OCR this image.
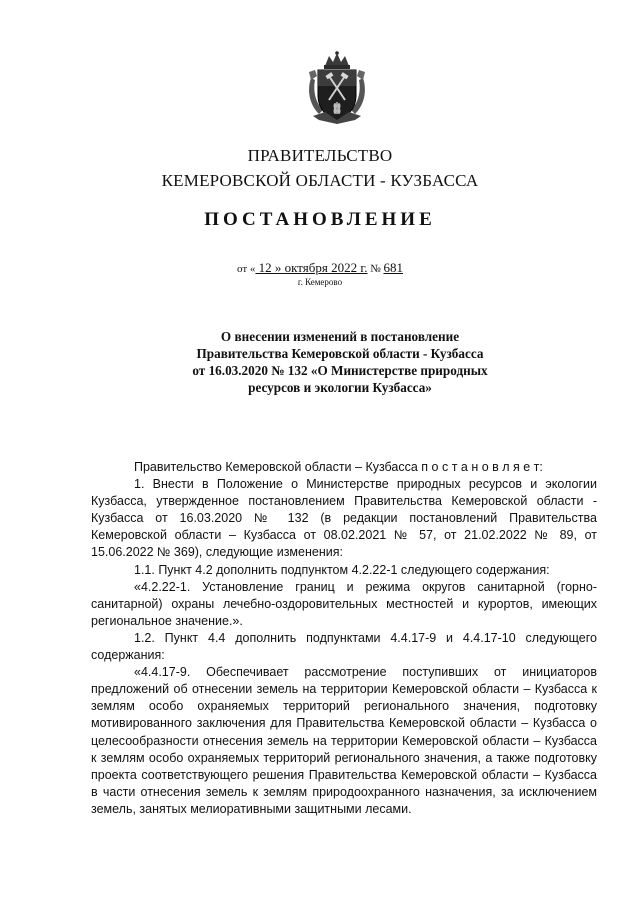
ПРАВИТЕЛЬСТВО
КЕМЕРОВСКОЙ ОБЛАСТИ - КУЗБАССА
ПОСТАНОВЛЕНИЕ
от « 12 » октября 2022 г. № 681
г. Кемерово
О внесении изменений в постановление
Правительства Кемеровской области - Кузбасса
от 16.03.2020 № 132 «О Министерстве природных
ресурсов и экологии Кузбасса»

Правительство Кемеровской области – Кузбасса п о с т а н о в л я е т:

1. Внести в Положение о Министерстве природных ресурсов и экологии Кузбасса, утвержденное постановлением Правительства Кемеровской области - Кузбасса от 16.03.2020 № 132 (в редакции постановлений Правительства Кемеровской области – Кузбасса от 08.02.2021 № 57, от 21.02.2022 № 89, от 15.06.2022 № 369), следующие изменения:

1.1. Пункт 4.2 дополнить подпунктом 4.2.22-1 следующего содержания:

«4.2.22-1. Установление границ и режима округов санитарной (горно-санитарной) охраны лечебно-оздоровительных местностей и курортов, имеющих региональное значение.».

1.2. Пункт 4.4 дополнить подпунктами 4.4.17-9 и 4.4.17-10 следующего содержания:

«4.4.17-9. Обеспечивает рассмотрение поступивших от инициаторов предложений об отнесении земель на территории Кемеровской области – Кузбасса к землям особо охраняемых территорий регионального значения, подготовку мотивированного заключения для Правительства Кемеровской области – Кузбасса о целесообразности отнесения земель на территории Кемеровской области – Кузбасса к землям особо охраняемых территорий регионального значения, а также подготовку проекта соответствующего решения Правительства Кемеровской области – Кузбасса в части отнесения земель к землям природоохранного назначения, за исключением земель, занятых мелиоративными защитными лесами.
